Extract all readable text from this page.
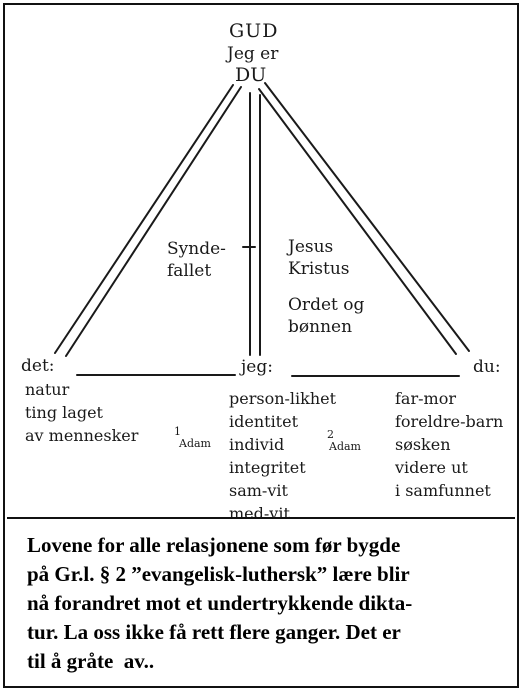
GUD
Jeg er
DU
Synde-
fallet
Jesus
Kristus
Ordet og
bønnen
det:	jeg:	du:
natur
ting laget
av mennesker
person-likhet
identitet
individ
integritet
sam-vit
med-vit
far-mor
foreldre-barn
søsken
videre ut
i samfunnet
1
Adam
2
Adam
Lovene for alle relasjonene som før bygde
på Gr.l. § 2 ”evangelisk-luthersk” lære blir
nå forandret mot et undertrykkende dikta-
tur. La oss ikke få rett flere ganger. Det er
til å gråte  av..
